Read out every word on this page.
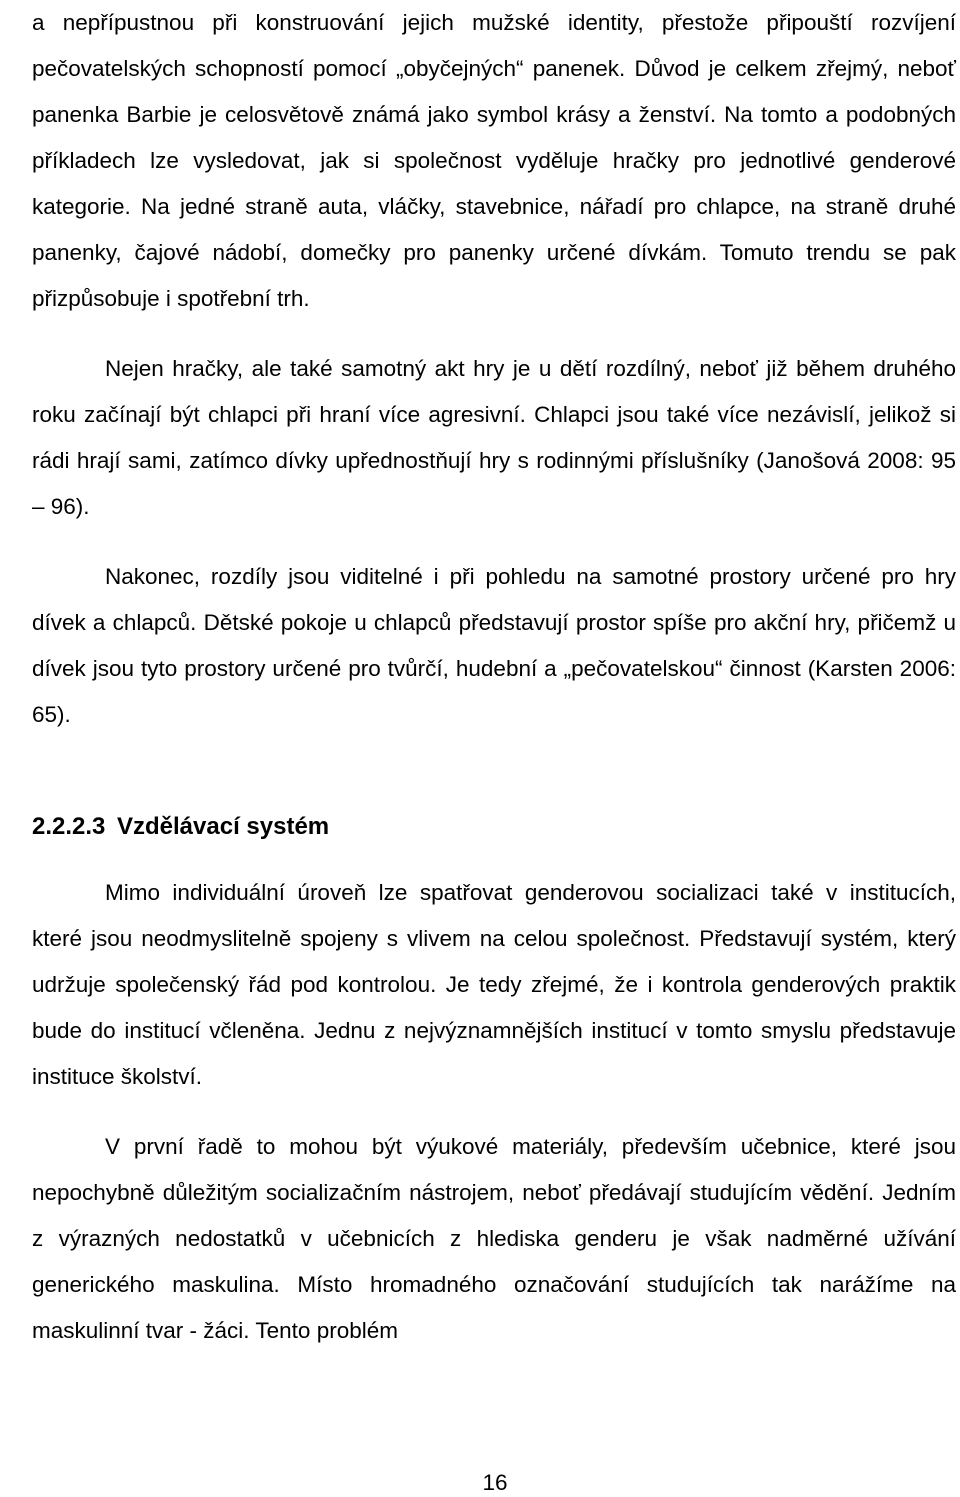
a nepřípustnou při konstruování jejich mužské identity, přestože připouští rozvíjení pečovatelských schopností pomocí „obyčejných“ panenek. Důvod je celkem zřejmý, neboť panenka Barbie je celosvětově známá jako symbol krásy a ženství. Na tomto a podobných příkladech lze vysledovat, jak si společnost vyděluje hračky pro jednotlivé genderové kategorie. Na jedné straně auta, vláčky, stavebnice, nářadí pro chlapce, na straně druhé panenky, čajové nádobí, domečky pro panenky určené dívkám. Tomuto trendu se pak přizpůsobuje i spotřební trh.

Nejen hračky, ale také samotný akt hry je u dětí rozdílný, neboť již během druhého roku začínají být chlapci při hraní více agresivní. Chlapci jsou také více nezávislí, jelikož si rádi hrají sami, zatímco dívky upřednostňují hry s rodinnými příslušníky (Janošová 2008: 95 – 96).

Nakonec, rozdíly jsou viditelné i při pohledu na samotné prostory určené pro hry dívek a chlapců. Dětské pokoje u chlapců představují prostor spíše pro akční hry, přičemž u dívek jsou tyto prostory určené pro tvůrčí, hudební a „pečovatelskou“ činnost (Karsten 2006: 65).

2.2.2.3 Vzdělávací systém

Mimo individuální úroveň lze spatřovat genderovou socializaci také v institucích, které jsou neodmyslitelně spojeny s vlivem na celou společnost. Představují systém, který udržuje společenský řád pod kontrolou. Je tedy zřejmé, že i kontrola genderových praktik bude do institucí včleněna. Jednu z nejvýznamnějších institucí v tomto smyslu představuje instituce školství.

V první řadě to mohou být výukové materiály, především učebnice, které jsou nepochybně důležitým socializačním nástrojem, neboť předávají studujícím vědění. Jedním z výrazných nedostatků v učebnicích z hlediska genderu je však nadměrné užívání generického maskulina. Místo hromadného označování studujících tak narážíme na maskulinní tvar - žáci. Tento problém

16
